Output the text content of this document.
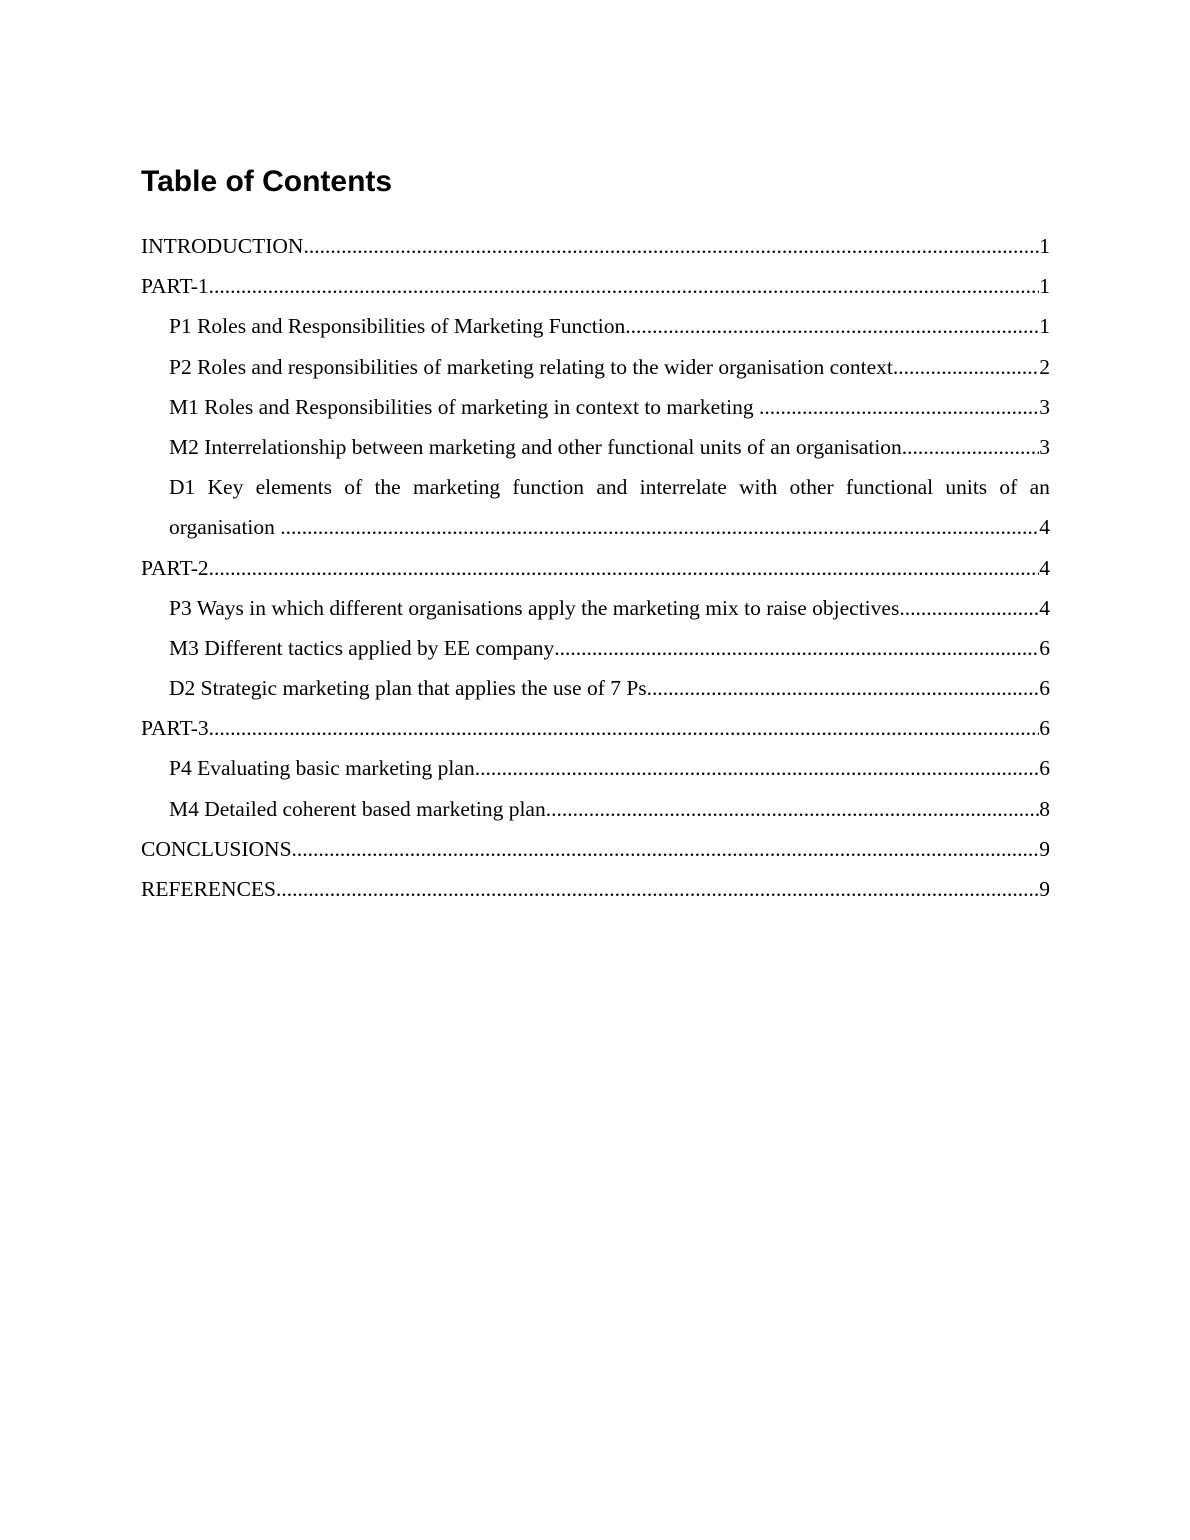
Table of Contents
INTRODUCTION .....	1
PART-1 .....	1
P1 Roles and Responsibilities of Marketing Function .....	1
P2 Roles and responsibilities of marketing relating to the wider organisation context .....	2
M1 Roles and Responsibilities of marketing in context to marketing .....	3
M2 Interrelationship between marketing and other functional units of an organisation .....	3
D1 Key elements of the marketing function and interrelate with other functional units of an
organisation .....	4
PART-2 .....	4
P3 Ways in which different organisations apply the marketing mix to raise objectives .....	4
M3 Different tactics applied by EE company .....	6
D2 Strategic marketing plan that applies the use of 7 Ps .....	6
PART-3 .....	6
P4 Evaluating basic marketing plan .....	6
M4 Detailed coherent based marketing plan .....	8
CONCLUSIONS .....	9
REFERENCES .....	9
